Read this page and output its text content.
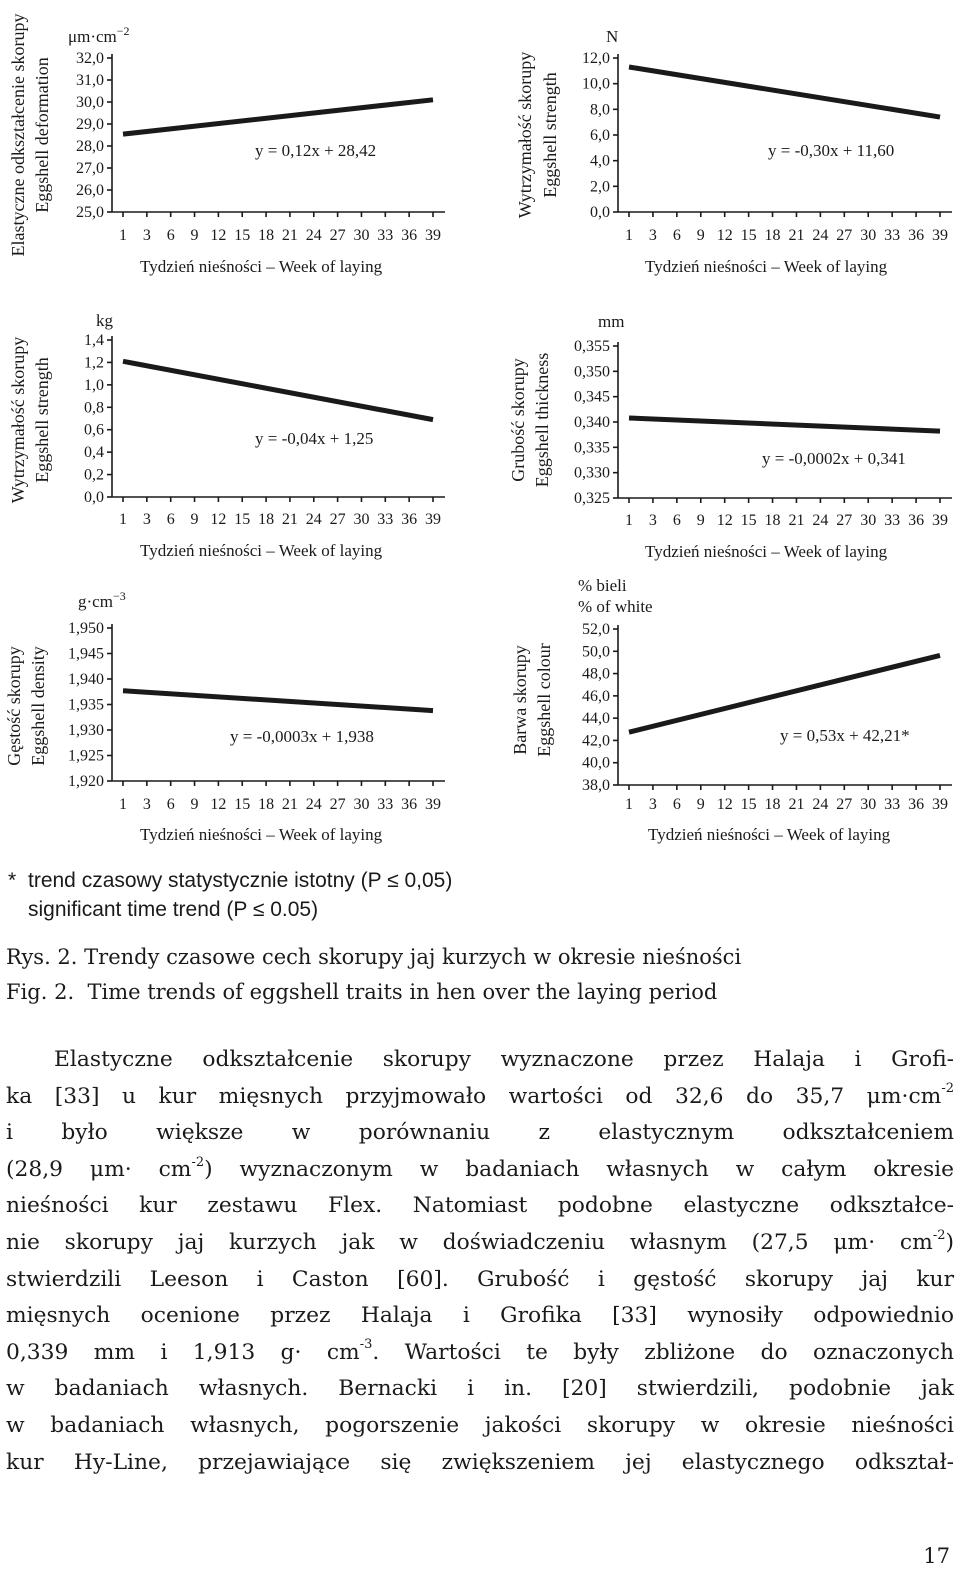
32,0
31,0
30,0
29,0
28,0
27,0
26,0
25,0
1 3 6 9 12 15 18 21 24 27 30 33 36 39
Tydzień nieśności – Week of laying
$\mu m\cdot cm^{-2}$
Elastyczne odkształcenie skorupy Eggshell deformation	y = 0,12x + 28,42
12,0
10,0
8,0
6,0
4,0
2,0
0,0
1 3 6 9 12 15 18 21 24 27 30 33 36 39
Tydzień nieśności – Week of laying
N
Wytrzymałość skorupy Eggshell strength	y = -0,30x + 11,60
1,4
1,2
1,0
0,8
0,6
0,4
0,2
0,0
1 3 6 9 12 15 18 21 24 27 30 33 36 39
Tydzień nieśności – Week of laying
kg
Wytrzymałość skorupy Eggshell strength	y = -0,04x + 1,25
0,355
0,350
0,345
0,340
0,335
0,330
0,325
1 3 6 9 12 15 18 21 24 27 30 33 36 39
Tydzień nieśności – Week of laying
mm
Grubość skorupy Eggshell thickness	y = -0,0002x + 0,341
1,950
1,945
1,940
1,935
1,930
1,925
1,920
1 3 6 9 12 15 18 21 24 27 30 33 36 39
Tydzień nieśności – Week of laying
$g\cdot cm^{-3}$
Gęstość skorupy Eggshell density	y = -0,0003x + 1,938
52,0
50,0
48,0
46,0
44,0
42,0
40,0
38,0
1 3 6 9 12 15 18 21 24 27 30 33 36 39
Tydzień nieśności – Week of laying
% bieli
% of white
Barwa skorupy Eggshell colour	y = 0,53x + 42,21*
* trend czasowy statystycznie istotny (P ≤ 0,05)
significant time trend (P ≤ 0.05)
Rys. 2. Trendy czasowe cech skorupy jaj kurzych w okresie nieśności
Fig. 2.  Time trends of eggshell traits in hen over the laying period
Elastyczne odkształcenie skorupy wyznaczone przez Halaja i Grofi-
ka [33] u kur mięsnych przyjmowało wartości od 32,6 do 35,7 $\mu m\cdot cm^{-2}$
i było większe w porównaniu z elastycznym odkształceniem
(28,9 $\mu m\cdot cm^{-2}$) wyznaczonym w badaniach własnych w całym okresie
nieśności kur zestawu Flex. Natomiast podobne elastyczne odkształce-
nie skorupy jaj kurzych jak w doświadczeniu własnym (27,5 $\mu m\cdot cm^{-2}$)
stwierdzili Leeson i Caston [60]. Grubość i gęstość skorupy jaj kur
mięsnych ocenione przez Halaja i Grofika [33] wynosiły odpowiednio
0,339 mm i 1,913 $g\cdot cm^{-3}$. Wartości te były zbliżone do oznaczonych
w badaniach własnych. Bernacki i in. [20] stwierdzili, podobnie jak
w badaniach własnych, pogorszenie jakości skorupy w okresie nieśności
kur Hy-Line, przejawiające się zwiększeniem jej elastycznego odkształ-
17
